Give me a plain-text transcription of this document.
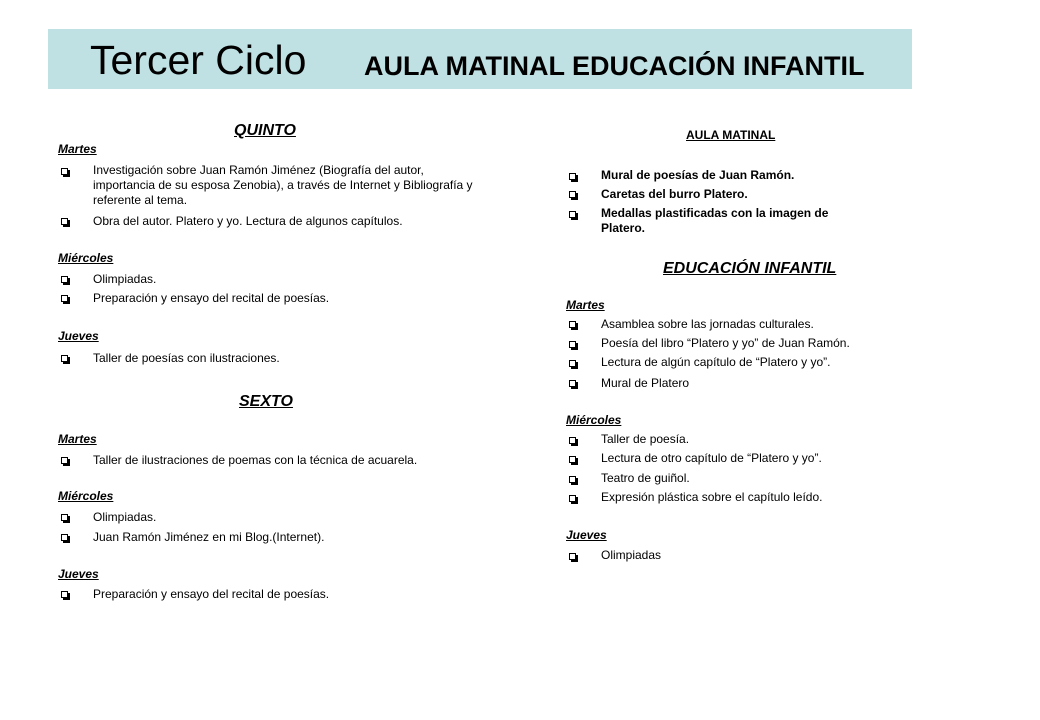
Tercer Ciclo AULA MATINAL EDUCACIÓN INFANTIL
QUINTO
Martes
Investigación sobre Juan Ramón Jiménez (Biografía del autor, importancia de su esposa Zenobia), a través de Internet y Bibliografía y referente al tema.
Obra del autor. Platero y yo. Lectura de algunos capítulos.
Miércoles
Olimpiadas.
Preparación y ensayo del recital de poesías.
Jueves
Taller de poesías con ilustraciones.
SEXTO
Martes
Taller de ilustraciones de poemas con la técnica de acuarela.
Miércoles
Olimpiadas.
Juan Ramón Jiménez en mi Blog.(Internet).
Jueves
Preparación y ensayo del recital de poesías.
AULA MATINAL
Mural de poesías de Juan Ramón.
Caretas del burro Platero.
Medallas plastificadas con la imagen de Platero.
EDUCACIÓN INFANTIL
Martes
Asamblea sobre las jornadas culturales.
Poesía del libro “Platero y yo” de Juan Ramón.
Lectura de algún capítulo de “Platero y yo”.
Mural de Platero
Miércoles
Taller de poesía.
Lectura de otro capítulo de “Platero y yo”.
Teatro de guiñol.
Expresión plástica sobre el capítulo leído.
Jueves
Olimpiadas
